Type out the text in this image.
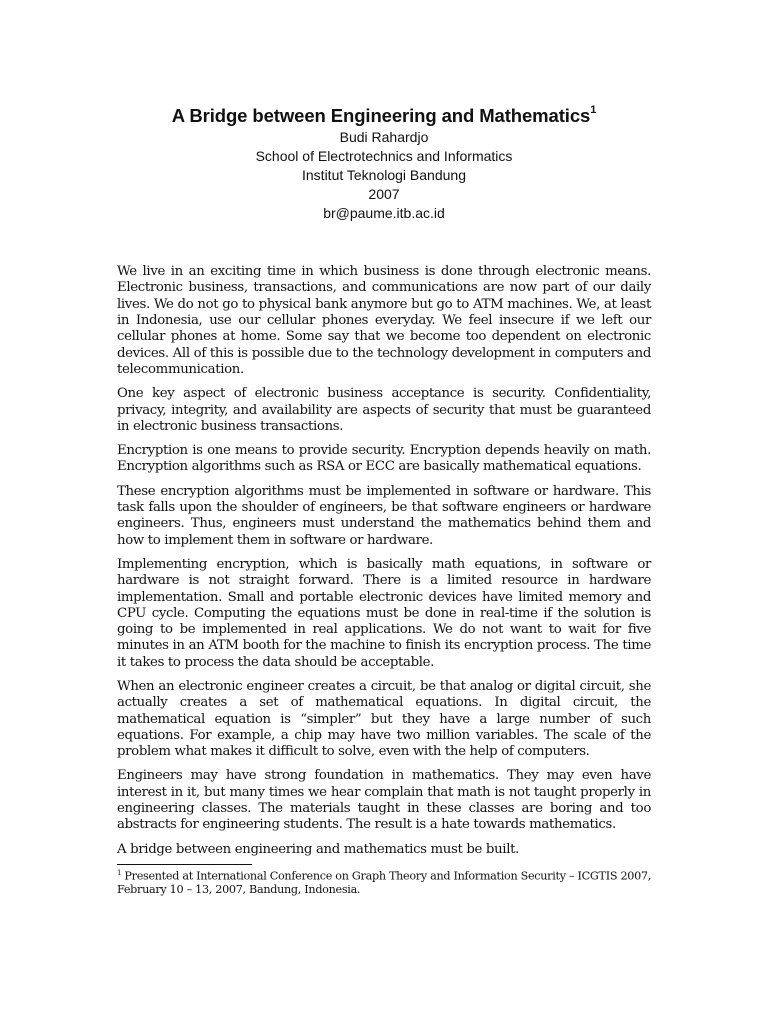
A Bridge between Engineering and Mathematics$^1$

Budi Rahardjo

School of Electrotechnics and Informatics

Institut Teknologi Bandung

2007

br@paume.itb.ac.id

We live in an exciting time in which business is done through electronic means. Electronic business, transactions, and communications are now part of our daily lives. We do not go to physical bank anymore but go to ATM machines. We, at least in Indonesia, use our cellular phones everyday. We feel insecure if we left our cellular phones at home. Some say that we become too dependent on electronic devices. All of this is possible due to the technology development in computers and telecommunication.

One key aspect of electronic business acceptance is security. Confidentiality, privacy, integrity, and availability are aspects of security that must be guaranteed in electronic business transactions.

Encryption is one means to provide security. Encryption depends heavily on math. Encryption algorithms such as RSA or ECC are basically mathematical equations.

These encryption algorithms must be implemented in software or hardware. This task falls upon the shoulder of engineers, be that software engineers or hardware engineers. Thus, engineers must understand the mathematics behind them and how to implement them in software or hardware.

Implementing encryption, which is basically math equations, in software or hardware is not straight forward. There is a limited resource in hardware implementation. Small and portable electronic devices have limited memory and CPU cycle. Computing the equations must be done in real-time if the solution is going to be implemented in real applications. We do not want to wait for five minutes in an ATM booth for the machine to finish its encryption process. The time it takes to process the data should be acceptable.

When an electronic engineer creates a circuit, be that analog or digital circuit, she actually creates a set of mathematical equations. In digital circuit, the mathematical equation is “simpler” but they have a large number of such equations. For example, a chip may have two million variables. The scale of the problem what makes it difficult to solve, even with the help of computers.

Engineers may have strong foundation in mathematics. They may even have interest in it, but many times we hear complain that math is not taught properly in engineering classes. The materials taught in these classes are boring and too abstracts for engineering students. The result is a hate towards mathematics.

A bridge between engineering and mathematics must be built.

$^1$ Presented at International Conference on Graph Theory and Information Security – ICGTIS 2007, February 10 – 13, 2007, Bandung, Indonesia.
